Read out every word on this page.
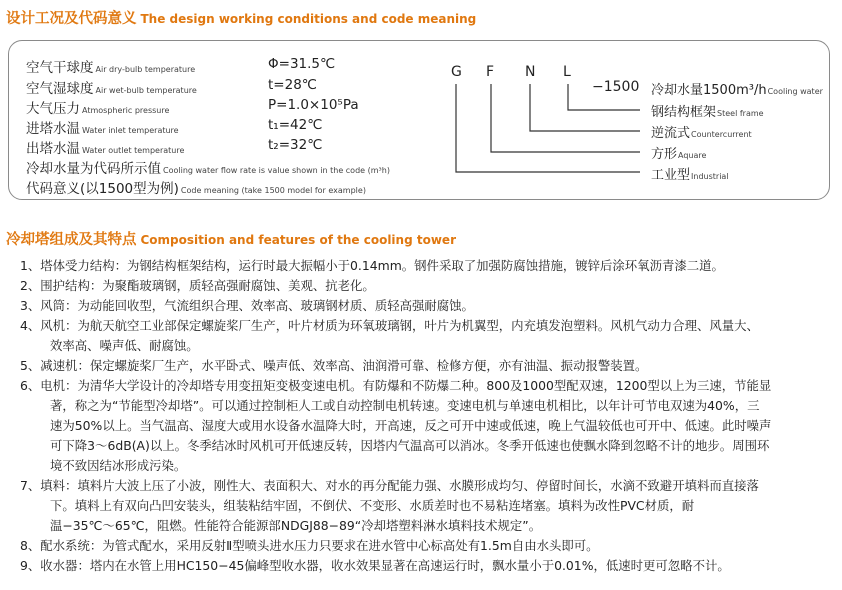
设计工况及代码意义 The design working conditions and code meaning
空气干球度 Air dry-bulb temperature	Φ=31.5℃
空气湿球度 Air wet-bulb temperature	t=28℃
大气压力 Atmospheric pressure	P=1.0×10⁵Pa
进塔水温 Water inlet temperature	t₁=42℃
出塔水温 Water outlet temperature	t₂=32℃
冷却水量为代码所示值 Cooling water flow rate is value shown in the code (m³h)
代码意义(以1500型为例) Code meaning (take 1500 model for example)
G F N L
−1500 冷却水量1500m³/hCooling water
钢结构框架Steel frame
逆流式Countercurrent
方形Aquare
工业型Industrial
冷却塔组成及其特点 Composition and features of the cooling tower

1、塔体受力结构：为钢结构框架结构，运行时最大振幅小于0.14mm。钢件采取了加强防腐蚀措施，镀锌后涂环氧沥青漆二道。

2、围护结构：为聚酯玻璃钢，质轻高强耐腐蚀、美观、抗老化。

3、风筒：为动能回收型，气流组织合理、效率高、玻璃钢材质、质轻高强耐腐蚀。

4、风机：为航天航空工业部保定螺旋桨厂生产，叶片材质为环氧玻璃钢，叶片为机翼型，内充填发泡塑料。风机气动力合理、风量大、

效率高、噪声低、耐腐蚀。

5、减速机：保定螺旋桨厂生产，水平卧式、噪声低、效率高、油润滑可靠、检修方便，亦有油温、振动报警装置。

6、电机：为清华大学设计的冷却塔专用变扭矩变极变速电机。有防爆和不防爆二种。800及1000型配双速，1200型以上为三速，节能显

著，称之为“节能型冷却塔”。可以通过控制柜人工或自动控制电机转速。变速电机与单速电机相比，以年计可节电双速为40%，三

速为50%以上。当气温高、湿度大或用水设备水温降大时，开高速，反之可开中速或低速，晚上气温较低也可开中、低速。此时噪声

可下降3～6dB(A)以上。冬季结冰时风机可开低速反转，因塔内气温高可以消冰。冬季开低速也使飘水降到忽略不计的地步。周围环

境不致因结冰形成污染。

7、填料：填料片大波上压了小波，刚性大、表面积大、对水的再分配能力强、水膜形成均匀、停留时间长，水滴不致避开填料而直接落

下。填料上有双向凸凹安装头，组装粘结牢固，不倒伏、不变形、水质差时也不易粘连堵塞。填料为改性PVC材质，耐

温−35℃～65℃，阻燃。性能符合能源部NDGJ88−89“冷却塔塑料淋水填料技术规定”。

8、配水系统：为管式配水，采用反射Ⅱ型喷头进水压力只要求在进水管中心标高处有1.5m自由水头即可。

9、收水器：塔内在水管上用HC150−45偏峰型收水器，收水效果显著在高速运行时，飘水量小于0.01%，低速时更可忽略不计。
